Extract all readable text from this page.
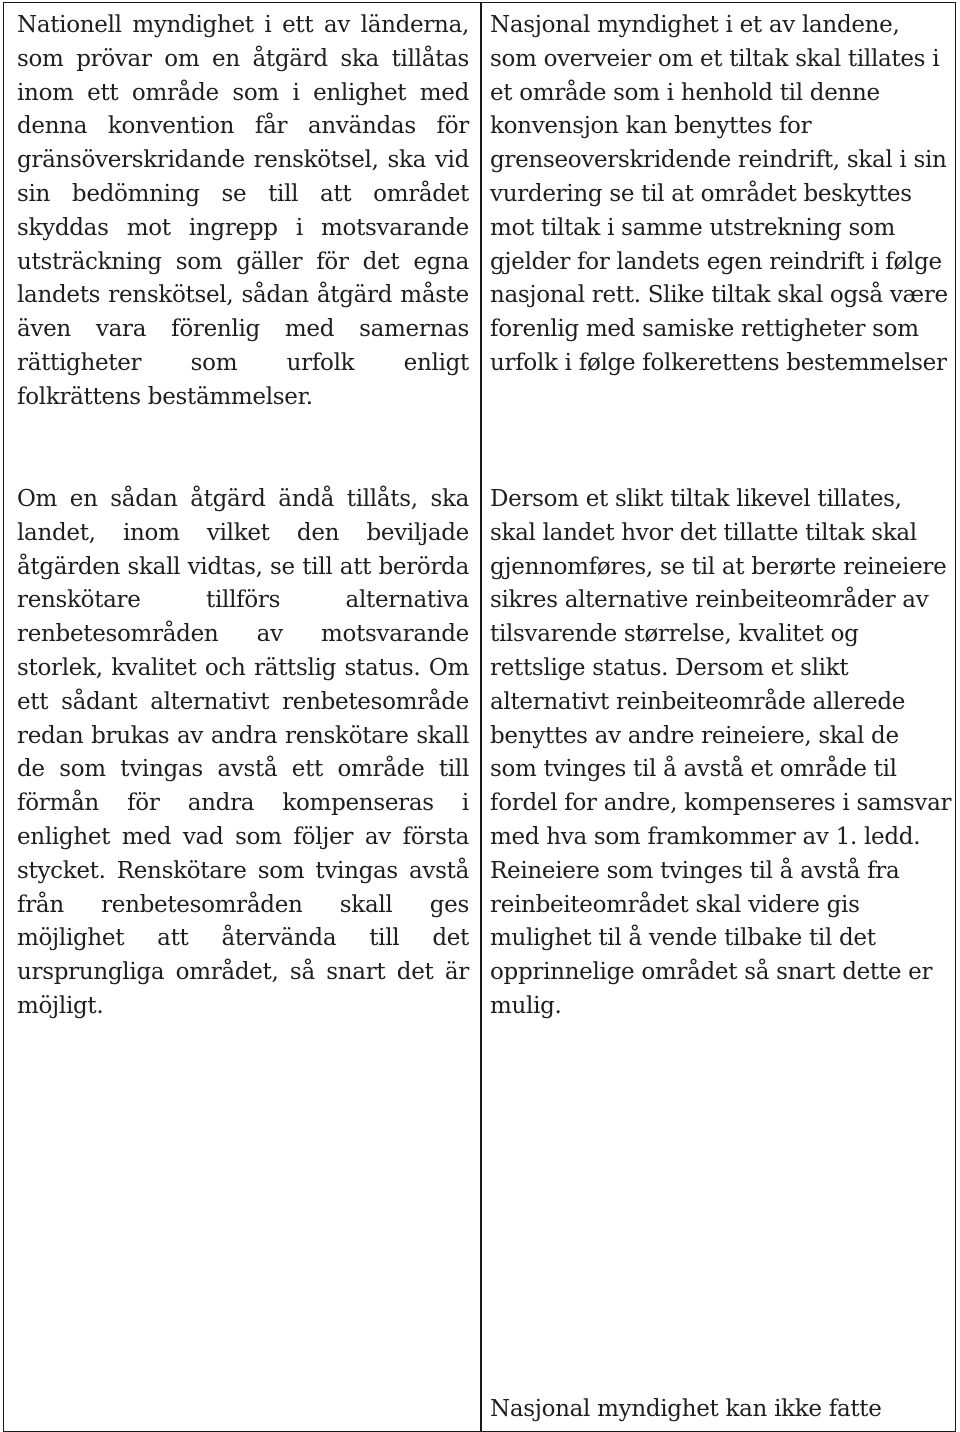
Nationell myndighet i ett av länderna, som prövar om en åtgärd ska tillåtas inom ett område som i enlighet med denna konvention får användas för gränsöverskridande renskötsel, ska vid sin bedömning se till att området skyddas mot ingrepp i motsvarande utsträckning som gäller för det egna landets renskötsel, sådan åtgärd måste även vara förenlig med samernas rättigheter som urfolk enligt folkrättens bestämmelser.

Om en sådan åtgärd ändå tillåts, ska landet, inom vilket den beviljade åtgärden skall vidtas, se till att berörda renskötare tillförs alternativa renbetesområden av motsvarande storlek, kvalitet och rättslig status. Om ett sådant alternativt renbetesområde redan brukas av andra renskötare skall de som tvingas avstå ett område till förmån för andra kompenseras i enlighet med vad som följer av första stycket. Renskötare som tvingas avstå från renbetesområden skall ges möjlighet att återvända till det ursprungliga området, så snart det är möjligt.

Nasjonal myndighet i et av landene, som overveier om et tiltak skal tillates i et område som i henhold til denne konvensjon kan benyttes for grenseoverskridende reindrift, skal i sin vurdering se til at området beskyttes mot tiltak i samme utstrekning som gjelder for landets egen reindrift i følge nasjonal rett. Slike tiltak skal også være forenlig med samiske rettigheter som urfolk i følge folkerettens bestemmelser

Dersom et slikt tiltak likevel tillates, skal landet hvor det tillatte tiltak skal gjennomføres, se til at berørte reineiere sikres alternative reinbeiteområder av tilsvarende størrelse, kvalitet og rettslige status. Dersom et slikt alternativt reinbeiteområde allerede benyttes av andre reineiere, skal de som tvinges til å avstå et område til fordel for andre, kompenseres i samsvar med hva som framkommer av 1. ledd. Reineiere som tvinges til å avstå fra reinbeiteområdet skal videre gis mulighet til å vende tilbake til det opprinnelige området så snart dette er mulig.

Nasjonal myndighet kan ikke fatte
